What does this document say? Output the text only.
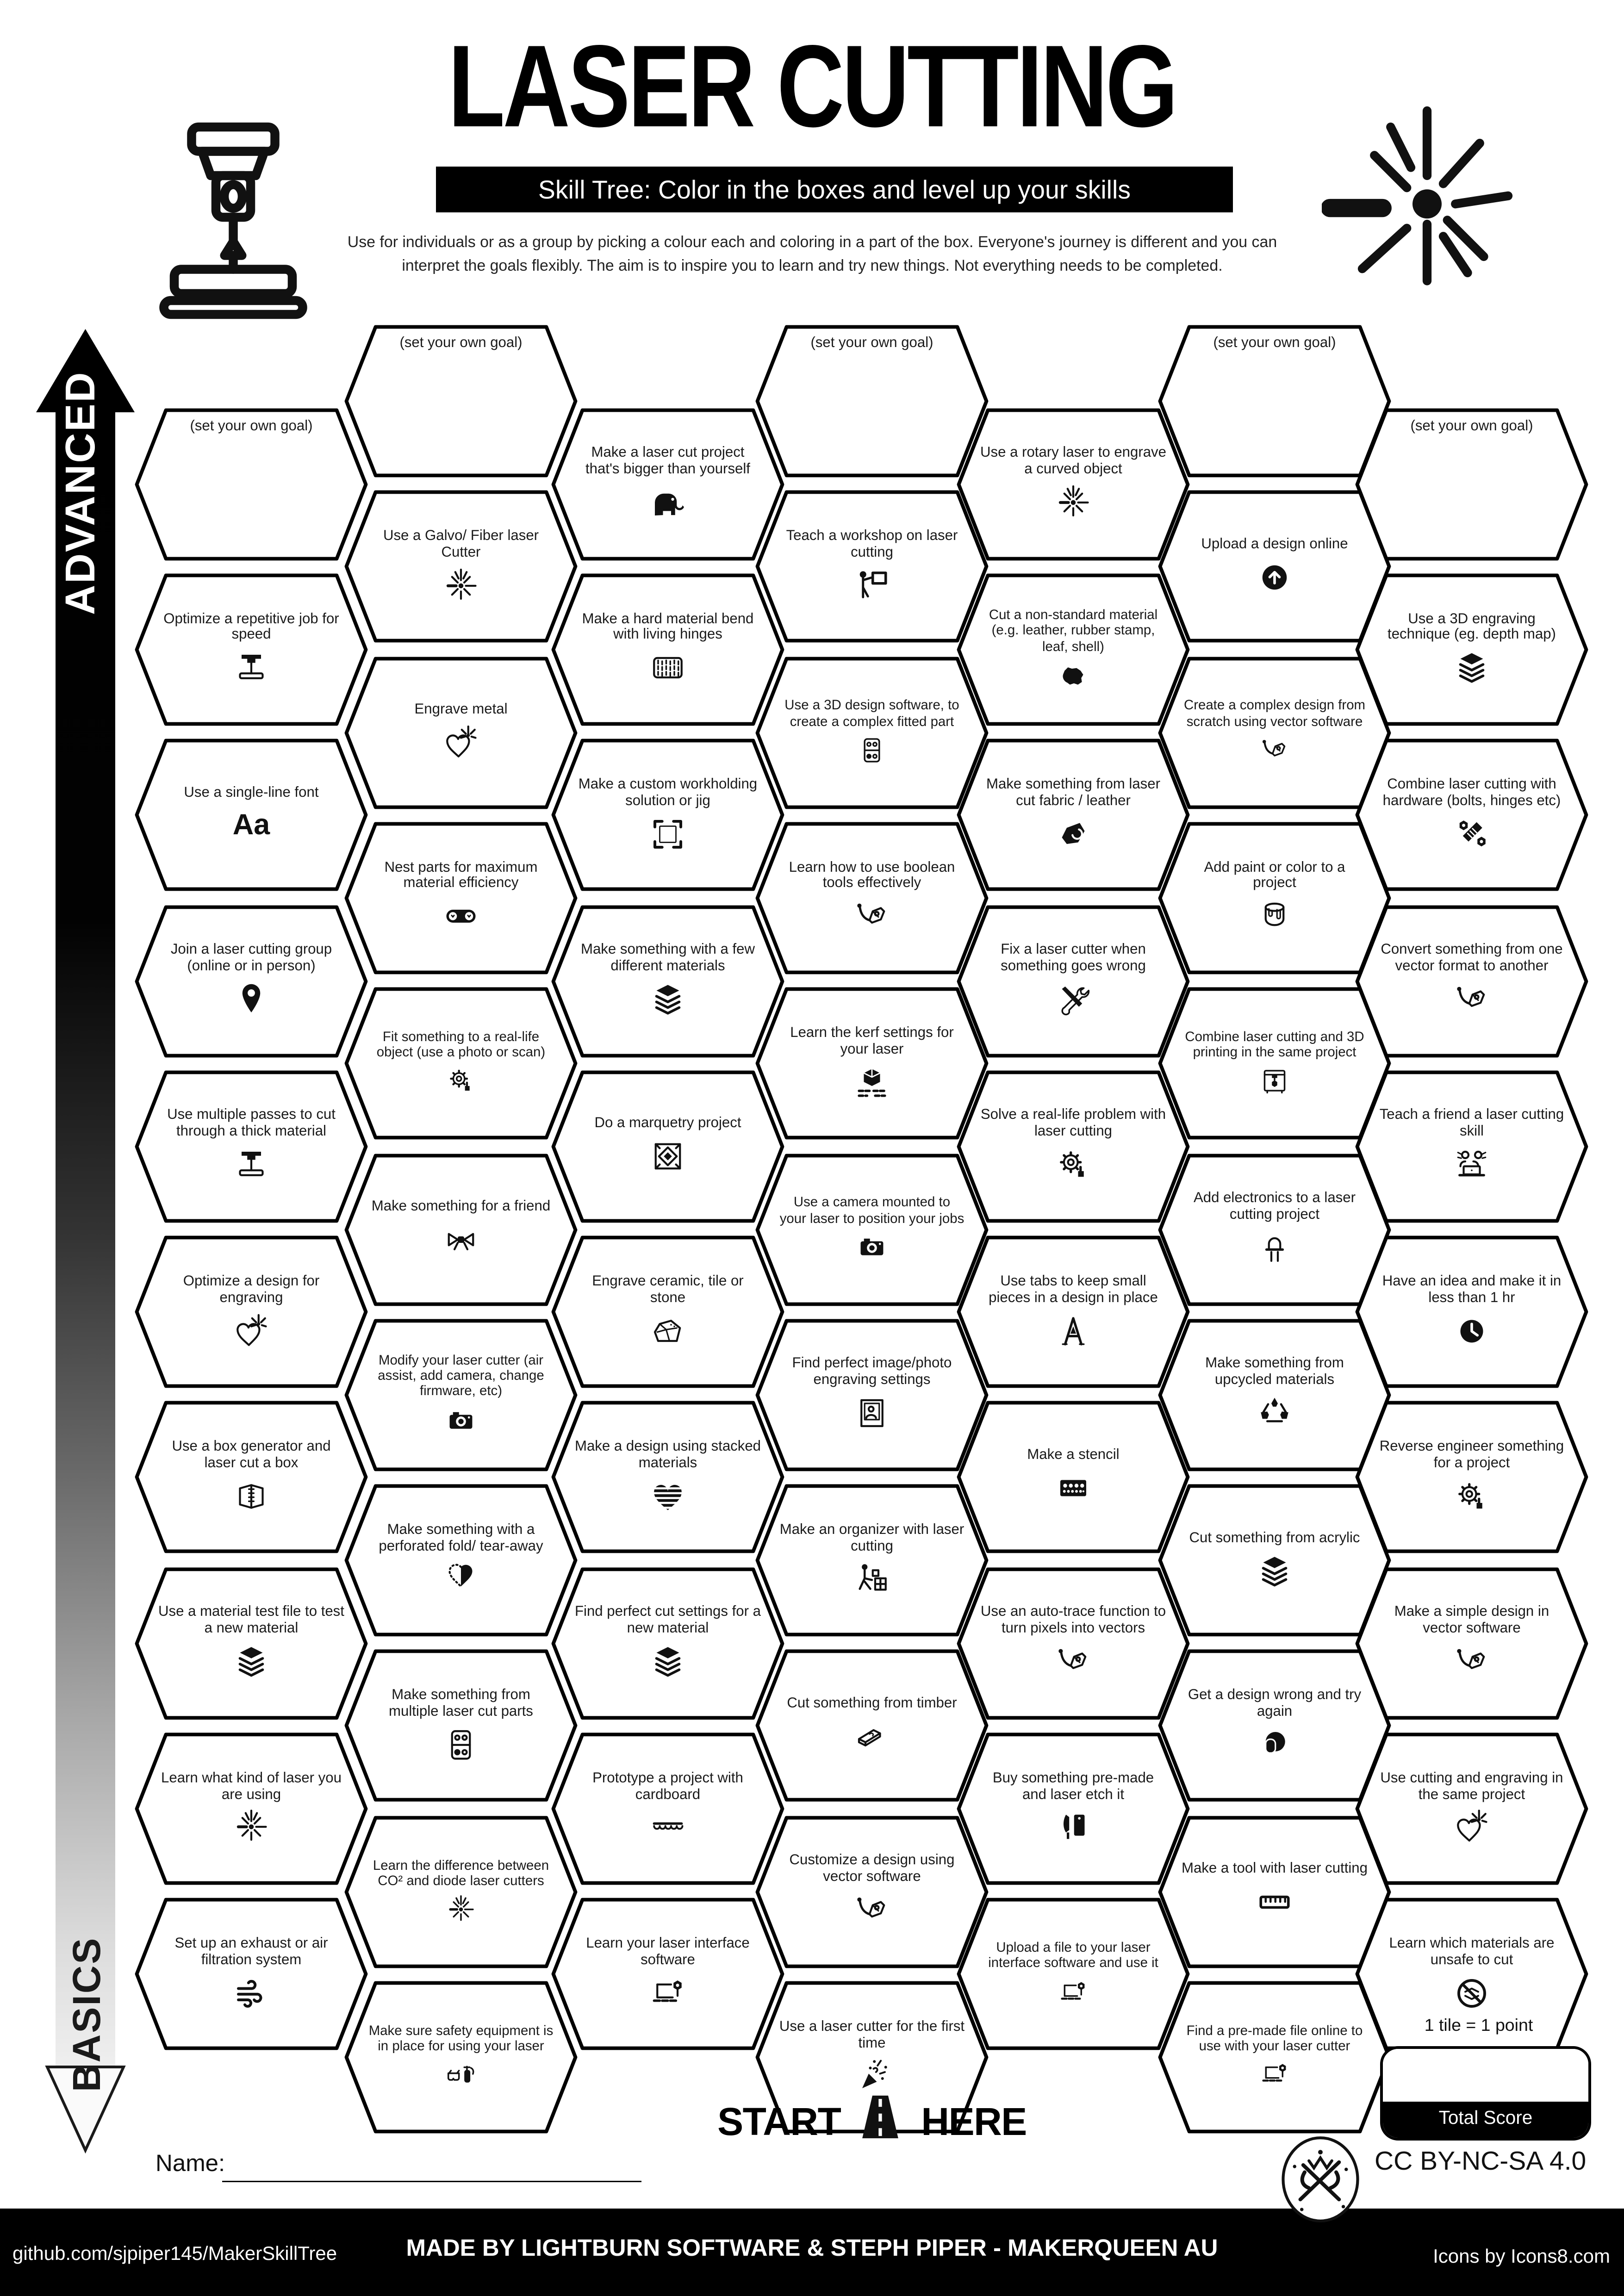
LASER CUTTING
Skill Tree: Color in the boxes and level up your skills
Use for individuals or as a group by picking a colour each and coloring in a part of the box. Everyone's journey is different and you can
interpret the goals flexibly. The aim is to inspire you to learn and try new things. Not everything needs to be completed.
ADVANCED
BASICS
(set your own goal)
Optimize a repetitive job for speed
Use a single-line font
Aa
Join a laser cutting group (online or in person)
Use multiple passes to cut through a thick material
Optimize a design for engraving
Use a box generator and laser cut a box
Use a material test file to test a new material
Learn what kind of laser you are using
Set up an exhaust or air filtration system
(set your own goal)
Use a Galvo/ Fiber laser Cutter
Engrave metal
Nest parts for maximum material efficiency
Fit something to a real-life object (use a photo or scan)
Make something for a friend
Modify your laser cutter (air assist, add camera, change firmware, etc)
Make something with a perforated fold/ tear-away
Make something from multiple laser cut parts
Learn the difference between CO² and diode laser cutters
Make sure safety equipment is in place for using your laser
Make a laser cut project that's bigger than yourself
Make a hard material bend with living hinges
Make a custom workholding solution or jig
Make something with a few different materials
Do a marquetry project
Engrave ceramic, tile or stone
Make a design using stacked materials
Find perfect cut settings for a new material
Prototype a project with cardboard
Learn your laser interface software
(set your own goal)
Teach a workshop on laser cutting
Use a 3D design software, to create a complex fitted part
Learn how to use boolean tools effectively
Learn the kerf settings for your laser
Use a camera mounted to your laser to position your jobs
Find perfect image/photo engraving settings
Make an organizer with laser cutting
Cut something from timber
Customize a design using vector software
Use a laser cutter for the first time
Use a rotary laser to engrave a curved object
Cut a non-standard material (e.g. leather, rubber stamp, leaf, shell)
Make something from laser cut fabric / leather
Fix a laser cutter when something goes wrong
Solve a real-life problem with laser cutting
Use tabs to keep small pieces in a design in place
Make a stencil
Use an auto-trace function to turn pixels into vectors
Buy something pre-made and laser etch it
Upload a file to your laser interface software and use it
(set your own goal)
Upload a design online
Create a complex design from scratch using vector software
Add paint or color to a project
Combine laser cutting and 3D printing in the same project
Add electronics to a laser cutting project
Make something from upcycled materials
Cut something from acrylic
Get a design wrong and try again
Make a tool with laser cutting
Find a pre-made file online to use with your laser cutter
(set your own goal)
Use a 3D engraving technique (eg. depth map)
Combine laser cutting with hardware (bolts, hinges etc)
Convert something from one vector format to another
Teach a friend a laser cutting skill
Have an idea and make it in less than 1 hr
Reverse engineer something for a project
Make a simple design in vector software
Use cutting and engraving in the same project
Learn which materials are unsafe to cut
START	HERE
Name:
1 tile = 1 point
Total Score
CC BY-NC-SA 4.0
github.com/sjpiper145/MakerSkillTree	MADE BY LIGHTBURN SOFTWARE & STEPH PIPER - MAKERQUEEN AU	Icons by Icons8.com
